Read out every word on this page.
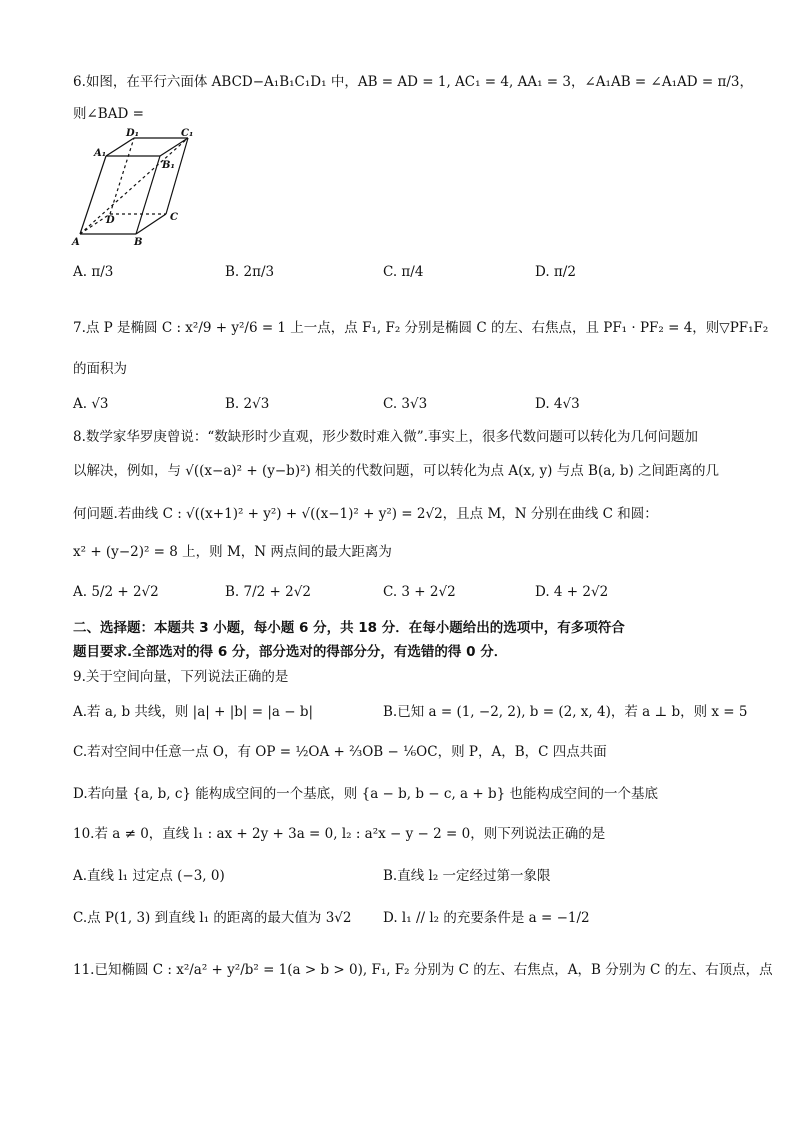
6.如图，在平行六面体 ABCD−A₁B₁C₁D₁ 中，AB = AD = 1, AC₁ = 4, AA₁ = 3，∠A₁AB = ∠A₁AD = π/3，
则∠BAD =
D₁	C₁
A₁
B₁
D	C
A	B
A. π/3	B. 2π/3	C. π/4	D. π/2
7.点 P 是椭圆 C : x²/9 + y²/6 = 1 上一点，点 F₁, F₂ 分别是椭圆 C 的左、右焦点，且 PF₁ · PF₂ = 4，则▽PF₁F₂
的面积为
A. √3	B. 2√3	C. 3√3	D. 4√3
8.数学家华罗庚曾说：“数缺形时少直观，形少数时难入微”.事实上，很多代数问题可以转化为几何问题加
以解决，例如，与 √((x−a)² + (y−b)²) 相关的代数问题，可以转化为点 A(x, y) 与点 B(a, b) 之间距离的几
何问题.若曲线 C : √((x+1)² + y²) + √((x−1)² + y²) = 2√2，且点 M，N 分别在曲线 C 和圆：
x² + (y−2)² = 8 上，则 M，N 两点间的最大距离为
A. 5/2 + 2√2	B. 7/2 + 2√2	C. 3 + 2√2	D. 4 + 2√2
二、选择题：本题共 3 小题，每小题 6 分，共 18 分．在每小题给出的选项中，有多项符合
题目要求.全部选对的得 6 分，部分选对的得部分分，有选错的得 0 分．
9.关于空间向量，下列说法正确的是
A.若 a, b 共线，则 |a| + |b| = |a − b|	B.已知 a = (1, −2, 2), b = (2, x, 4)，若 a ⊥ b，则 x = 5
C.若对空间中任意一点 O，有 OP = ½OA + ⅔OB − ⅙OC，则 P，A，B，C 四点共面
D.若向量 {a, b, c} 能构成空间的一个基底，则 {a − b, b − c, a + b} 也能构成空间的一个基底
10.若 a ≠ 0，直线 l₁ : ax + 2y + 3a = 0, l₂ : a²x − y − 2 = 0，则下列说法正确的是
A.直线 l₁ 过定点 (−3, 0)	B.直线 l₂ 一定经过第一象限
C.点 P(1, 3) 到直线 l₁ 的距离的最大值为 3√2 D. l₁ // l₂ 的充要条件是 a = −1/2
11.已知椭圆 C : x²/a² + y²/b² = 1(a > b > 0), F₁, F₂ 分别为 C 的左、右焦点，A，B 分别为 C 的左、右顶点，点
